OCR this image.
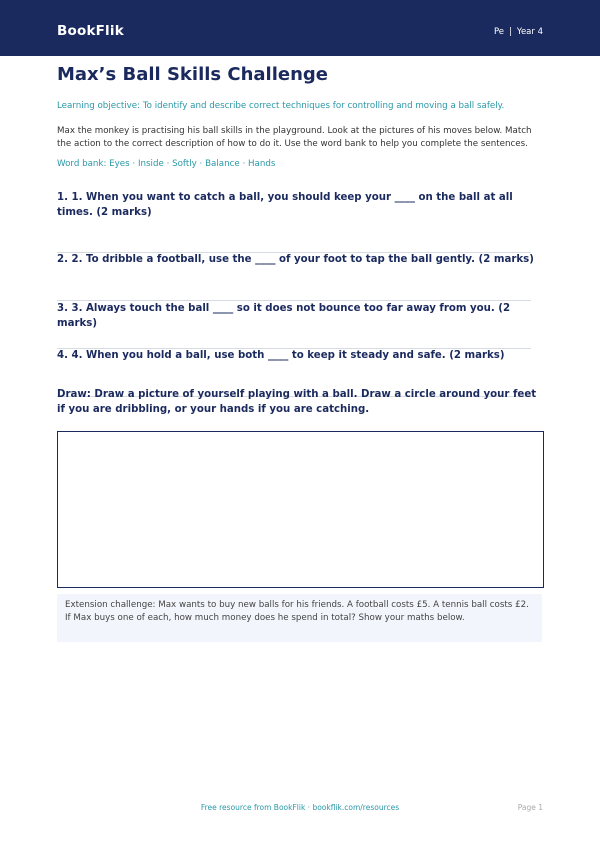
BookFlik	Pe | Year 4
Max’s Ball Skills Challenge
Learning objective: To identify and describe correct techniques for controlling and moving a ball safely.
Max the monkey is practising his ball skills in the playground. Look at the pictures of his moves below. Match the action to the correct description of how to do it. Use the word bank to help you complete the sentences.
Word bank: Eyes · Inside · Softly · Balance · Hands
1. 1. When you want to catch a ball, you should keep your ____ on the ball at all times. (2 marks)
2. 2. To dribble a football, use the ____ of your foot to tap the ball gently. (2 marks)
3. 3. Always touch the ball ____ so it does not bounce too far away from you. (2 marks)
4. 4. When you hold a ball, use both ____ to keep it steady and safe. (2 marks)
Draw: Draw a picture of yourself playing with a ball. Draw a circle around your feet if you are dribbling, or your hands if you are catching.
Extension challenge: Max wants to buy new balls for his friends. A football costs £5. A tennis ball costs £2. If Max buys one of each, how much money does he spend in total? Show your maths below.
Free resource from BookFlik · bookflik.com/resources	Page 1
